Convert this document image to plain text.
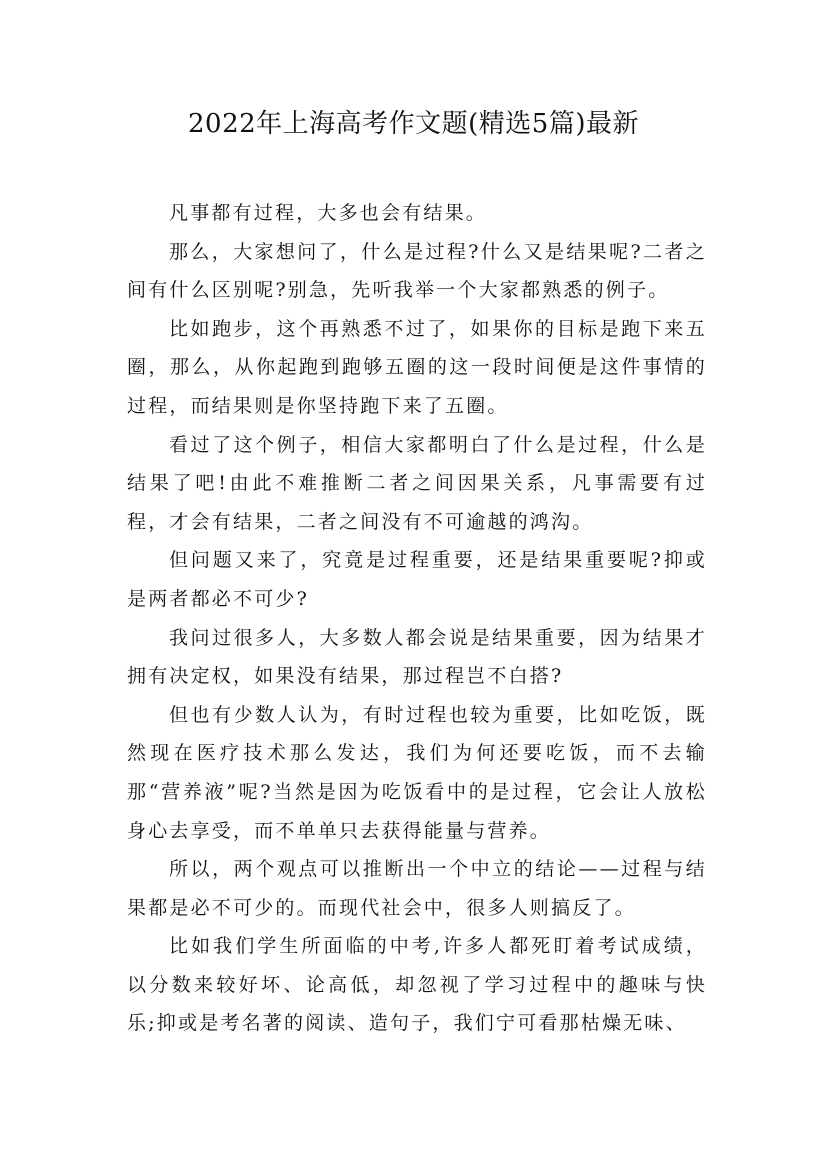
2022年上海高考作文题(精选5篇)最新

凡事都有过程，大多也会有结果。

那么，大家想问了，什么是过程?什么又是结果呢?二者之间有什么区别呢?别急，先听我举一个大家都熟悉的例子。

比如跑步，这个再熟悉不过了，如果你的目标是跑下来五圈，那么，从你起跑到跑够五圈的这一段时间便是这件事情的过程，而结果则是你坚持跑下来了五圈。

看过了这个例子，相信大家都明白了什么是过程，什么是结果了吧!由此不难推断二者之间因果关系，凡事需要有过程，才会有结果，二者之间没有不可逾越的鸿沟。

但问题又来了，究竟是过程重要，还是结果重要呢?抑或是两者都必不可少?

我问过很多人，大多数人都会说是结果重要，因为结果才拥有决定权，如果没有结果，那过程岂不白搭?

但也有少数人认为，有时过程也较为重要，比如吃饭，既然现在医疗技术那么发达，我们为何还要吃饭，而不去输那“营养液”呢?当然是因为吃饭看中的是过程，它会让人放松身心去享受，而不单单只去获得能量与营养。

所以，两个观点可以推断出一个中立的结论——过程与结果都是必不可少的。而现代社会中，很多人则搞反了。

比如我们学生所面临的中考,许多人都死盯着考试成绩，以分数来较好坏、论高低，却忽视了学习过程中的趣味与快乐;抑或是考名著的阅读、造句子，我们宁可看那枯燥无味、
